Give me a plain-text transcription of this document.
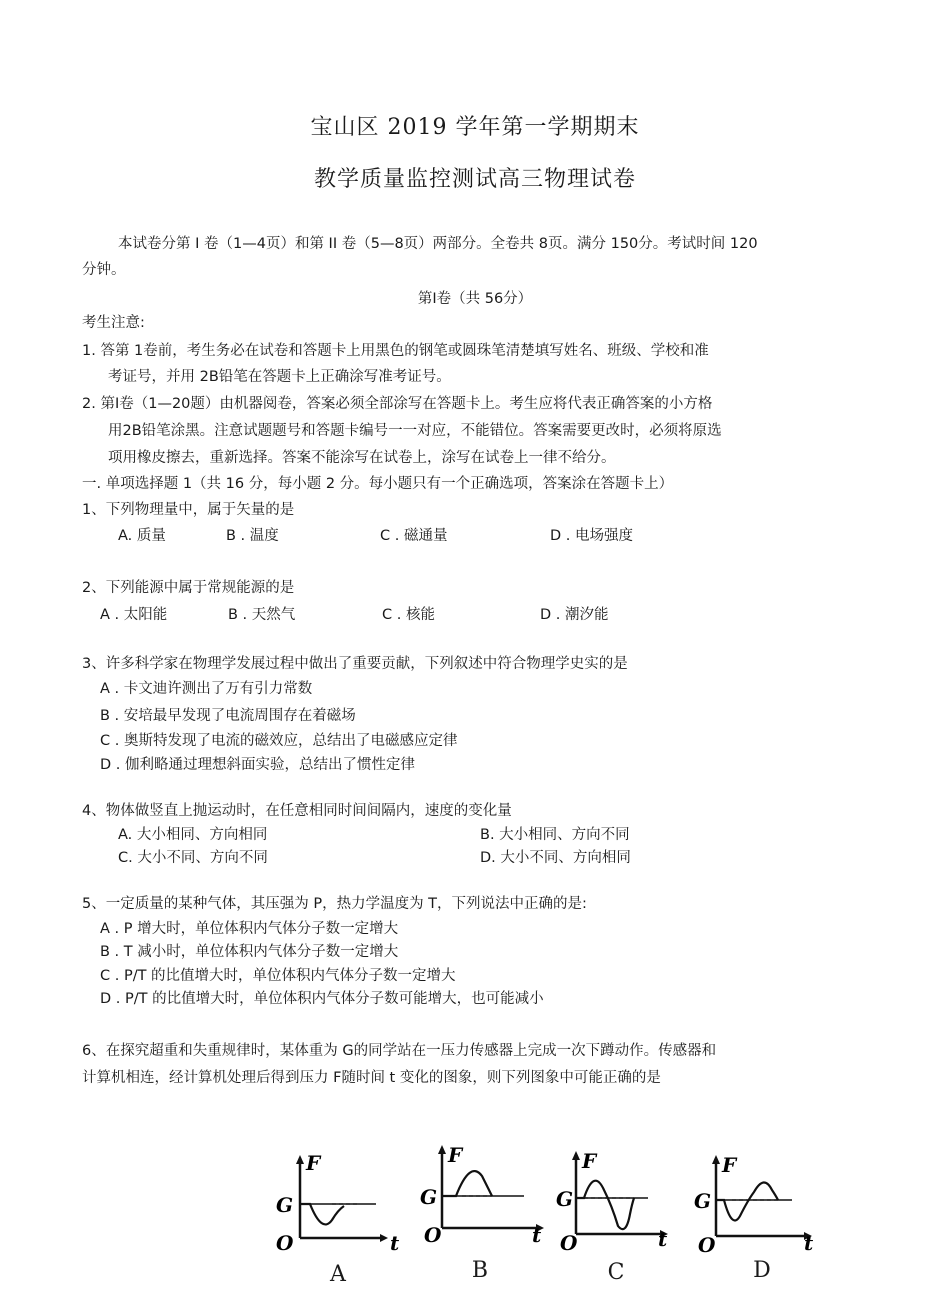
宝山区 2019 学年第一学期期末
教学质量监控测试高三物理试卷
本试卷分第 I 卷（1—4页）和第 II 卷（5—8页）两部分。全卷共 8页。满分 150分。考试时间 120
分钟。
第Ⅰ卷（共 56分）
考生注意:
1. 答第 1卷前，考生务必在试卷和答题卡上用黑色的钢笔或圆珠笔清楚填写姓名、班级、学校和准
考证号，并用 2B铅笔在答题卡上正确涂写准考证号。
2. 第Ⅰ卷（1—20题）由机器阅卷，答案必须全部涂写在答题卡上。考生应将代表正确答案的小方格
用2B铅笔涂黑。注意试题题号和答题卡编号一一对应，不能错位。答案需要更改时，必须将原选
项用橡皮擦去，重新选择。答案不能涂写在试卷上，涂写在试卷上一律不给分。
一. 单项选择题 1（共 16 分，每小题 2 分。每小题只有一个正确选项，答案涂在答题卡上）
1、下列物理量中，属于矢量的是
A. 质量	B . 温度	C . 磁通量	D . 电场强度
2、下列能源中属于常规能源的是
A . 太阳能	B . 天然气	C . 核能	D . 潮汐能
3、许多科学家在物理学发展过程中做出了重要贡献，下列叙述中符合物理学史实的是
A . 卡文迪许测出了万有引力常数
B . 安培最早发现了电流周围存在着磁场
C . 奥斯特发现了电流的磁效应，总结出了电磁感应定律
D . 伽利略通过理想斜面实验，总结出了惯性定律
4、物体做竖直上抛运动时，在任意相同时间间隔内，速度的变化量
A. 大小相同、方向相同	B. 大小相同、方向不同
C. 大小不同、方向不同	D. 大小不同、方向相同
5、一定质量的某种气体，其压强为 P，热力学温度为 T，下列说法中正确的是:
A . P 增大时，单位体积内气体分子数一定增大
B . T 减小时，单位体积内气体分子数一定增大
C . P/T 的比值增大时，单位体积内气体分子数一定增大
D . P/T 的比值增大时，单位体积内气体分子数可能增大，也可能减小
6、在探究超重和失重规律时，某体重为 G的同学站在一压力传感器上完成一次下蹲动作。传感器和
计算机相连，经计算机处理后得到压力 F随时间 t 变化的图象，则下列图象中可能正确的是
F
G
O	t
F
G
O	t
F
G
O	t
F
G
O	t
A	B	C	D
